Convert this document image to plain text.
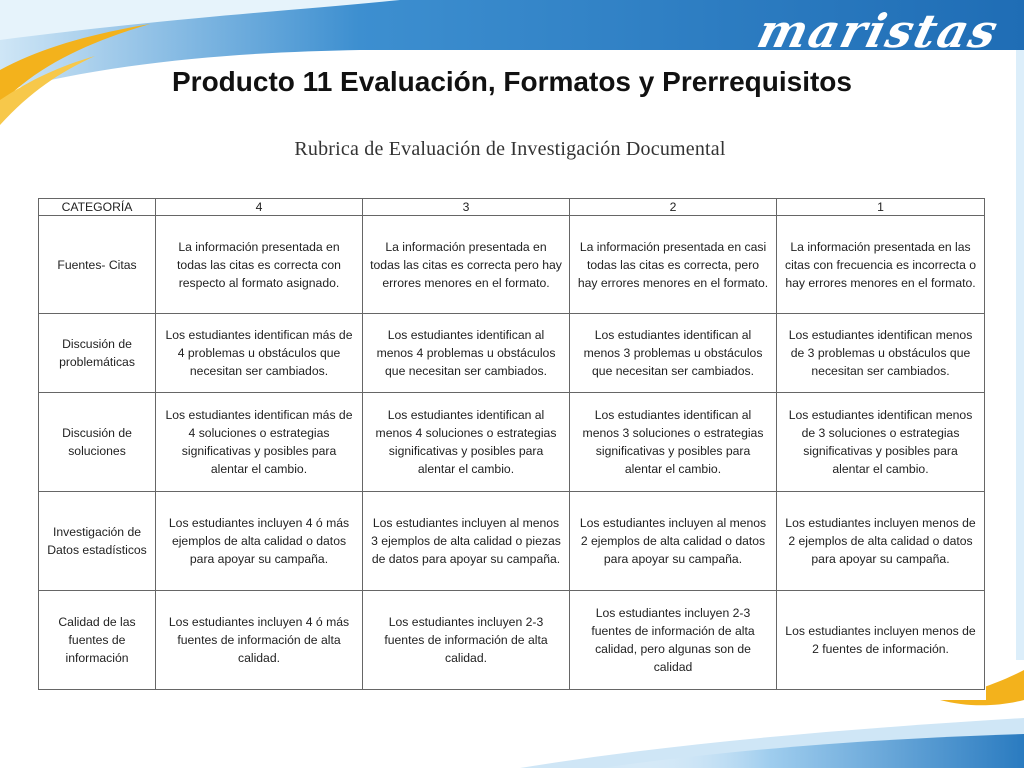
maristas
Producto 11 Evaluación, Formatos y Prerrequisitos
Rubrica de Evaluación de Investigación Documental
CATEGORÍA	4	3	2	1
Fuentes- Citas	La información presentada en todas las citas es correcta con respecto al formato asignado.	La información presentada en todas las citas es correcta pero hay errores menores en el formato.	La información presentada en casi todas las citas es correcta, pero hay errores menores en el formato.	La información presentada en las citas con frecuencia es incorrecta o hay errores menores en el formato.
Discusión de problemáticas	Los estudiantes identifican más de 4 problemas u obstáculos que necesitan ser cambiados.	Los estudiantes identifican al menos 4 problemas u obstáculos que necesitan ser cambiados.	Los estudiantes identifican al menos 3 problemas u obstáculos que necesitan ser cambiados.	Los estudiantes identifican menos de 3 problemas u obstáculos que necesitan ser cambiados.
Discusión de soluciones	Los estudiantes identifican más de 4 soluciones o estrategias significativas y posibles para alentar el cambio.	Los estudiantes identifican al menos 4 soluciones o estrategias significativas y posibles para alentar el cambio.	Los estudiantes identifican al menos 3 soluciones o estrategias significativas y posibles para alentar el cambio.	Los estudiantes identifican menos de 3 soluciones o estrategias significativas y posibles para alentar el cambio.
Investigación de Datos estadísticos	Los estudiantes incluyen 4 ó más ejemplos de alta calidad o datos para apoyar su campaña.	Los estudiantes incluyen al menos 3 ejemplos de alta calidad o piezas de datos para apoyar su campaña.	Los estudiantes incluyen al menos 2 ejemplos de alta calidad o datos para apoyar su campaña.	Los estudiantes incluyen menos de 2 ejemplos de alta calidad o datos para apoyar su campaña.
Calidad de las fuentes de información	Los estudiantes incluyen 4 ó más fuentes de información de alta calidad.	Los estudiantes incluyen 2-3 fuentes de información de alta calidad.	Los estudiantes incluyen 2-3 fuentes de información de alta calidad, pero algunas son de calidad	Los estudiantes incluyen menos de 2 fuentes de información.
